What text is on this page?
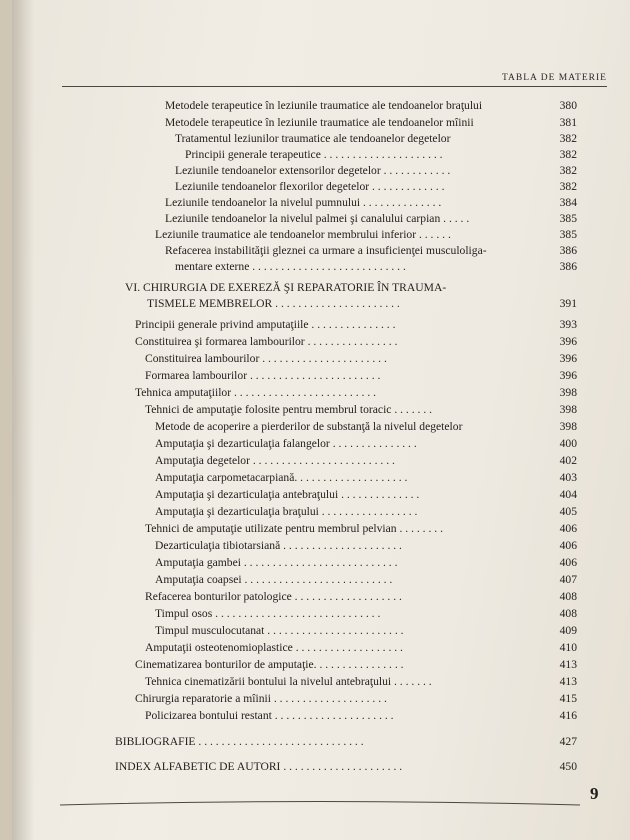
TABLA DE MATERIE
Metodele terapeutice în leziunile traumatice ale tendoanelor braţului	380
Metodele terapeutice în leziunile traumatice ale tendoanelor mîinii	381
Tratamentul leziunilor traumatice ale tendoanelor degetelor	382
Principii generale terapeutice . . . . . . . . . . . . . . . . . . . . .	382
Leziunile tendoanelor extensorilor degetelor . . . . . . . . . . . .	382
Leziunile tendoanelor flexorilor degetelor . . . . . . . . . . . . .	382
Leziunile tendoanelor la nivelul pumnului . . . . . . . . . . . . . .	384
Leziunile tendoanelor la nivelul palmei şi canalului carpian . . . . .	385
Leziunile traumatice ale tendoanelor membrului inferior . . . . . .	385
Refacerea instabilităţii gleznei ca urmare a insuficienţei musculoliga-	386
mentare externe . . . . . . . . . . . . . . . . . . . . . . . . . . .	386
VI. CHIRURGIA DE EXEREZĂ ŞI REPARATORIE ÎN TRAUMA-
TISMELE MEMBRELOR . . . . . . . . . . . . . . . . . . . . . .	391
Principii generale privind amputaţiile . . . . . . . . . . . . . . .	393
Constituirea şi formarea lambourilor . . . . . . . . . . . . . . . .	396
Constituirea lambourilor . . . . . . . . . . . . . . . . . . . . . .	396
Formarea lambourilor . . . . . . . . . . . . . . . . . . . . . . .	396
Tehnica amputaţiilor . . . . . . . . . . . . . . . . . . . . . . . . .	398
Tehnici de amputaţie folosite pentru membrul toracic . . . . . . .	398
Metode de acoperire a pierderilor de substanţă la nivelul degetelor	398
Amputaţia şi dezarticulaţia falangelor . . . . . . . . . . . . . . .	400
Amputaţia degetelor . . . . . . . . . . . . . . . . . . . . . . . . .	402
Amputaţia carpometacarpiană. . . . . . . . . . . . . . . . . . . .	403
Amputaţia şi dezarticulaţia antebraţului . . . . . . . . . . . . . .	404
Amputaţia şi dezarticulaţia braţului . . . . . . . . . . . . . . . . .	405
Tehnici de amputaţie utilizate pentru membrul pelvian . . . . . . . .	406
Dezarticulaţia tibiotarsiană . . . . . . . . . . . . . . . . . . . . .	406
Amputaţia gambei . . . . . . . . . . . . . . . . . . . . . . . . . . .	406
Amputaţia coapsei . . . . . . . . . . . . . . . . . . . . . . . . . .	407
Refacerea bonturilor patologice . . . . . . . . . . . . . . . . . . .	408
Timpul osos . . . . . . . . . . . . . . . . . . . . . . . . . . . . .	408
Timpul musculocutanat . . . . . . . . . . . . . . . . . . . . . . . .	409
Amputaţii osteotenomioplastice . . . . . . . . . . . . . . . . . . .	410
Cinematizarea bonturilor de amputaţie. . . . . . . . . . . . . . . .	413
Tehnica cinematizării bontului la nivelul antebraţului . . . . . . .	413
Chirurgia reparatorie a mîinii . . . . . . . . . . . . . . . . . . . .	415
Policizarea bontului restant . . . . . . . . . . . . . . . . . . . . .	416
BIBLIOGRAFIE . . . . . . . . . . . . . . . . . . . . . . . . . . . . .	427
INDEX ALFABETIC DE AUTORI . . . . . . . . . . . . . . . . . . . . .	450
9
